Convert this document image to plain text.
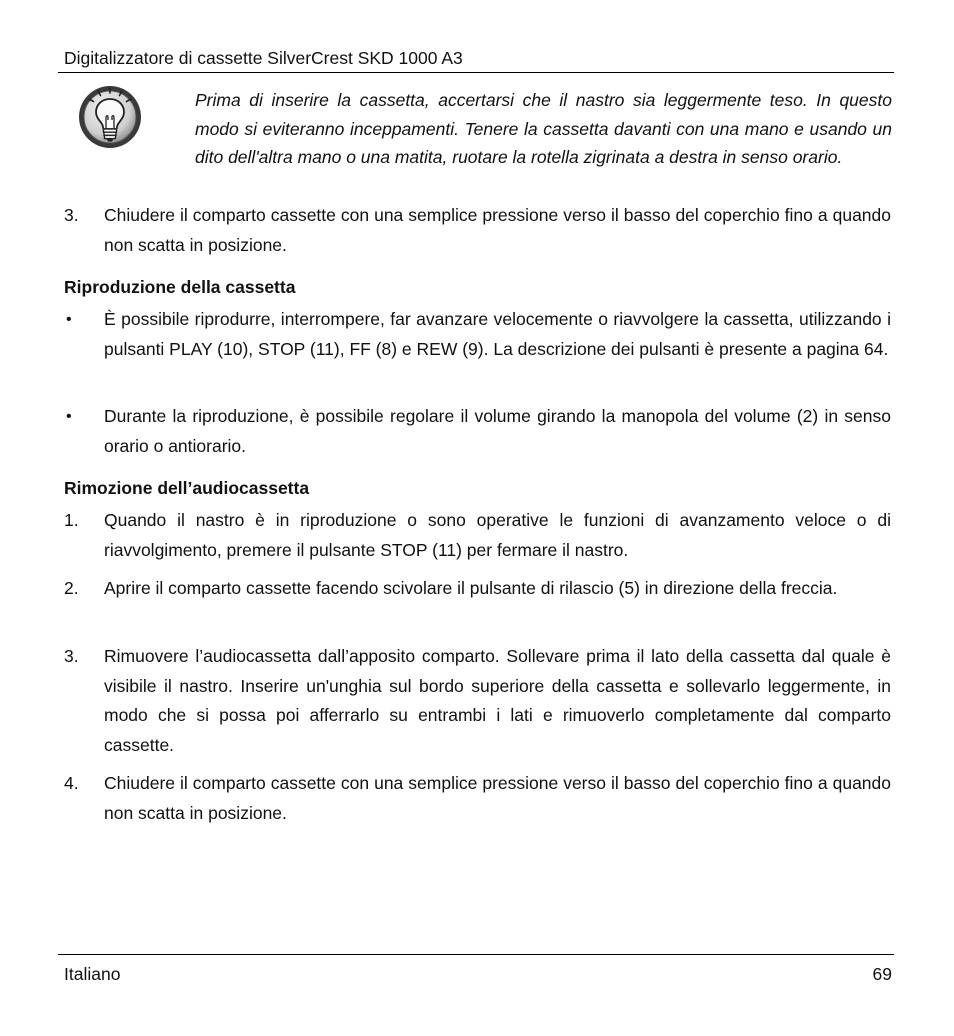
Digitalizzatore di cassette SilverCrest SKD 1000 A3

Prima di inserire la cassetta, accertarsi che il nastro sia leggermente teso. In questo modo si eviteranno inceppamenti. Tenere la cassetta davanti con una mano e usando un dito dell'altra mano o una matita, ruotare la rotella zigrinata a destra in senso orario.

3. Chiudere il comparto cassette con una semplice pressione verso il basso del coperchio fino a quando non scatta in posizione.
Riproduzione della cassetta
• È possibile riprodurre, interrompere, far avanzare velocemente o riavvolgere la cassetta, utilizzando i pulsanti PLAY (10), STOP (11), FF (8) e REW (9). La descrizione dei pulsanti è presente a pagina 64.
• Durante la riproduzione, è possibile regolare il volume girando la manopola del volume (2) in senso orario o antiorario.
Rimozione dell’audiocassetta
1. Quando il nastro è in riproduzione o sono operative le funzioni di avanzamento veloce o di riavvolgimento, premere il pulsante STOP (11) per fermare il nastro.
2. Aprire il comparto cassette facendo scivolare il pulsante di rilascio (5) in direzione della freccia.
3. Rimuovere l’audiocassetta dall’apposito comparto. Sollevare prima il lato della cassetta dal quale è visibile il nastro. Inserire un'unghia sul bordo superiore della cassetta e sollevarlo leggermente, in modo che si possa poi afferrarlo su entrambi i lati e rimuoverlo completamente dal comparto cassette.
4. Chiudere il comparto cassette con una semplice pressione verso il basso del coperchio fino a quando non scatta in posizione.
Italiano	69
